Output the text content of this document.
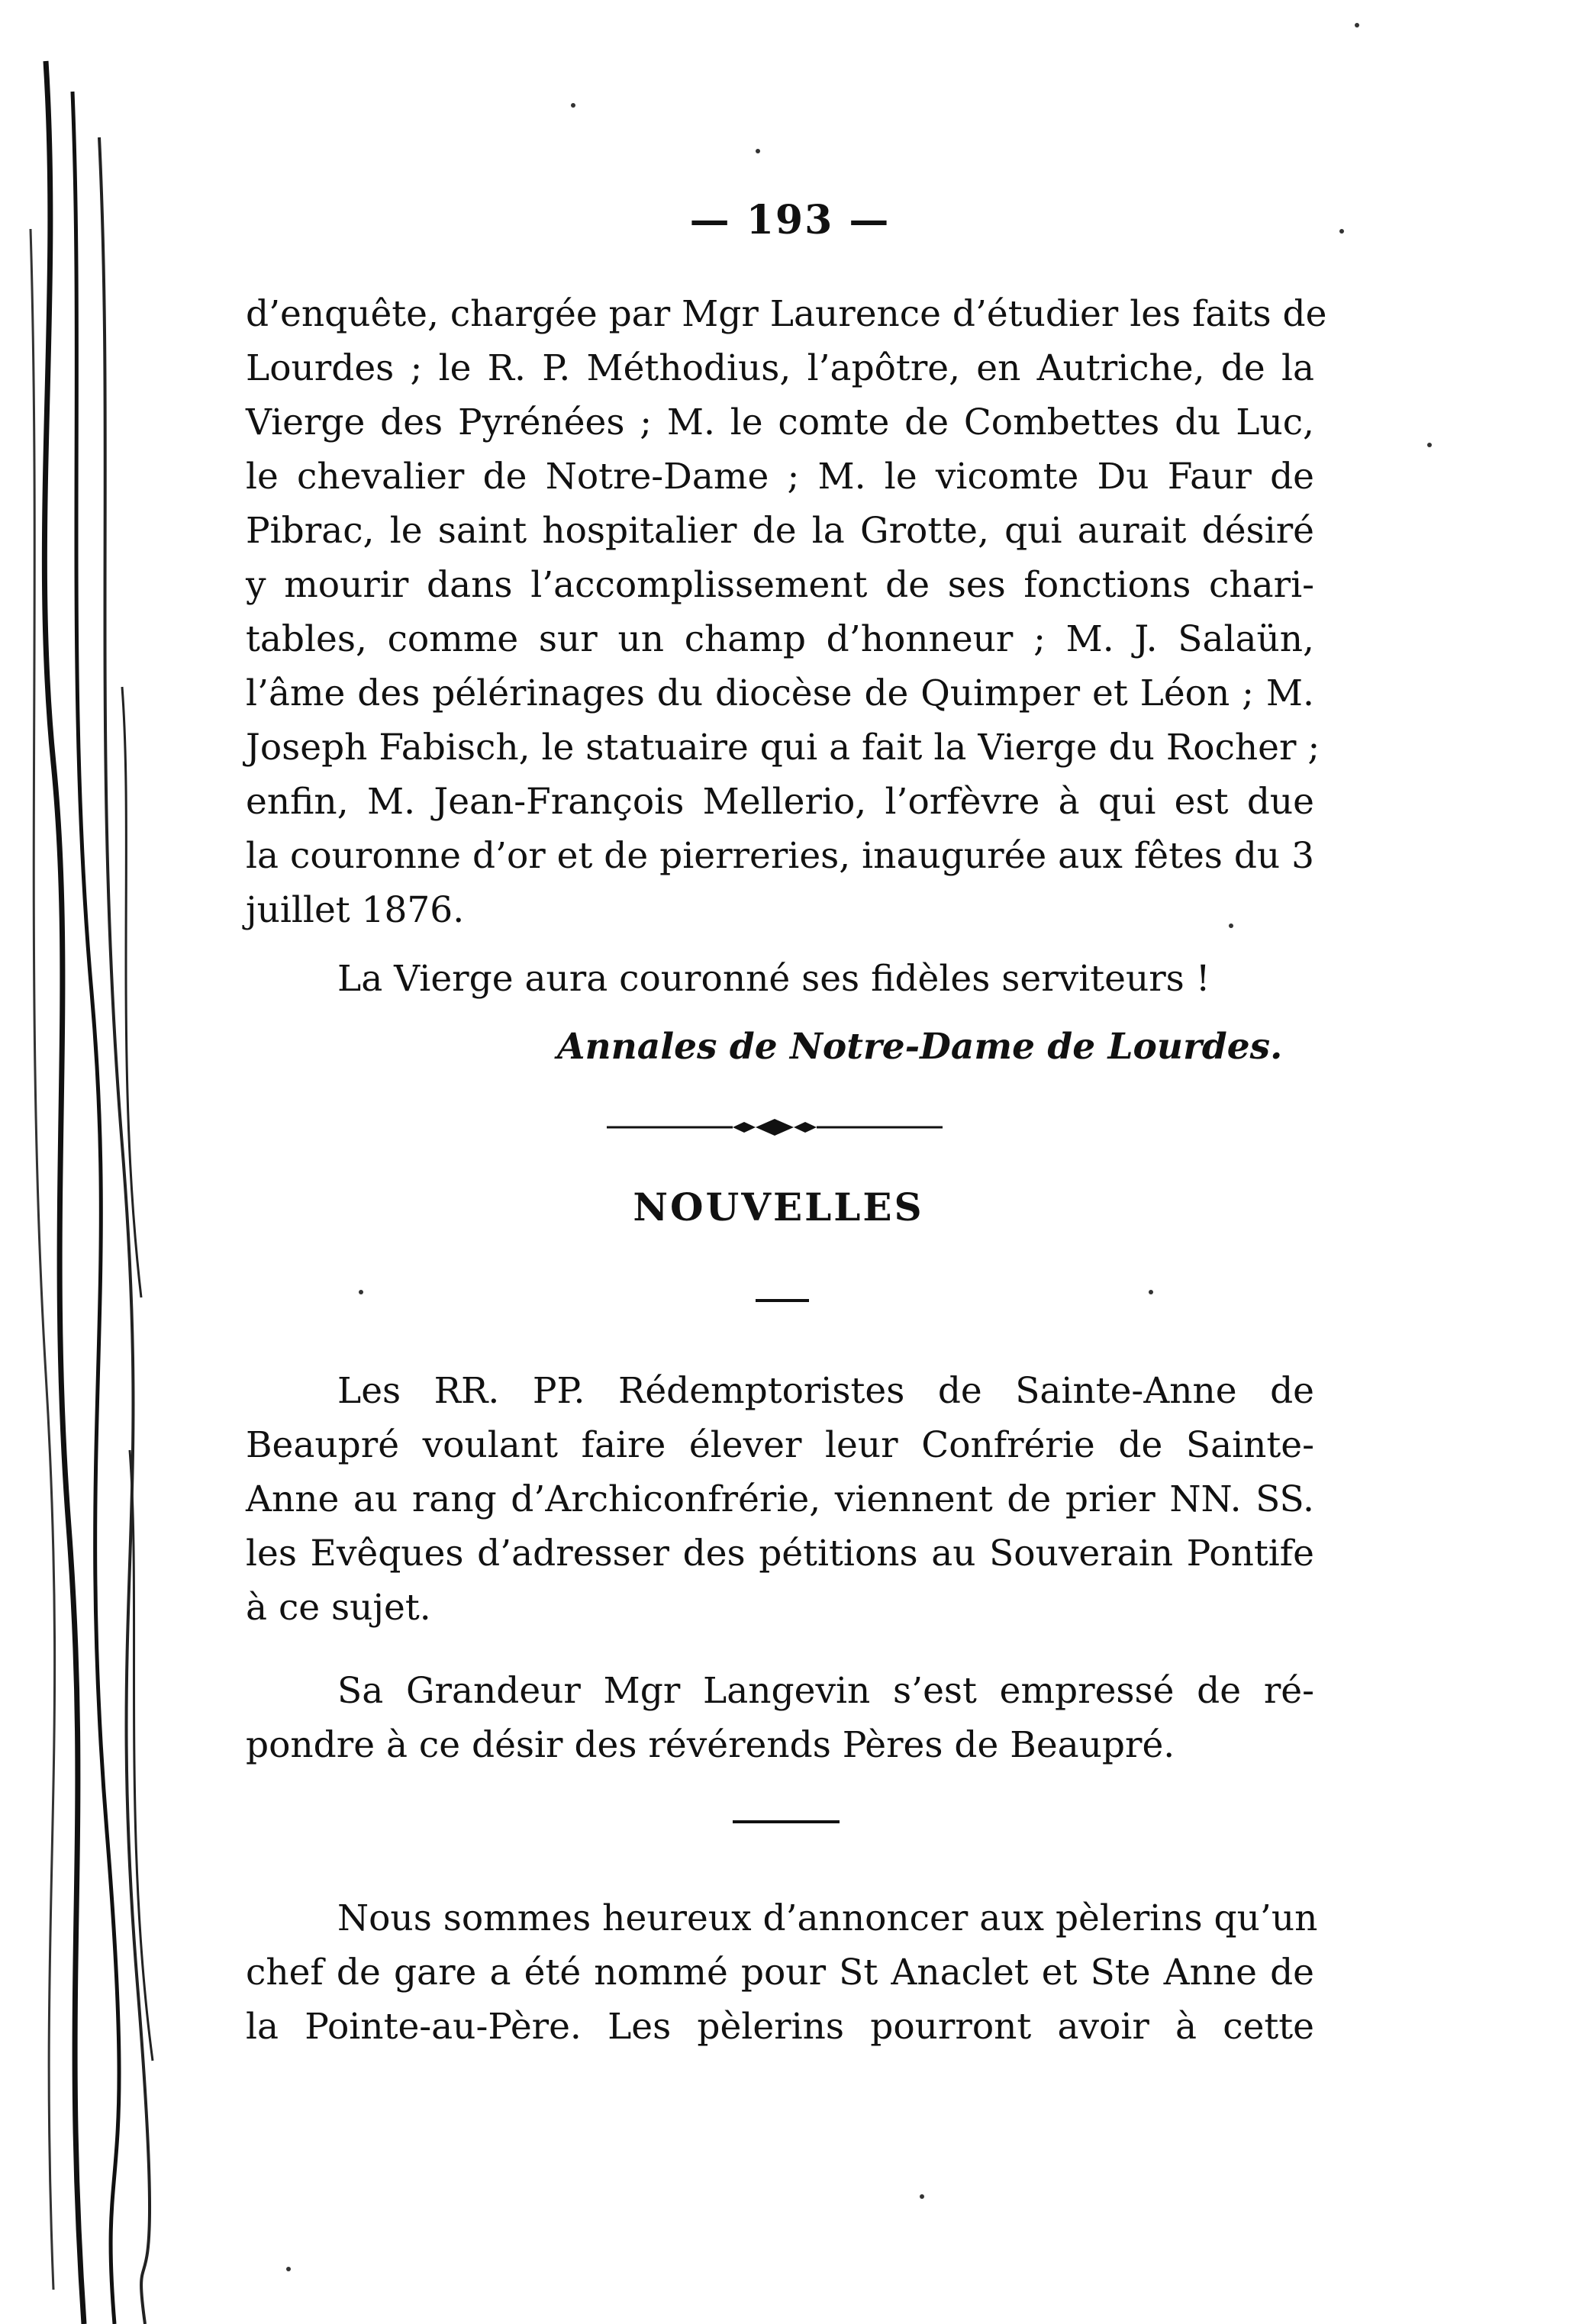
— 193 —
d’enquête, chargée par Mgr Laurence d’étudier les faits de
Lourdes ; le R. P. Méthodius, l’apôtre, en Autriche, de la
Vierge des Pyrénées ; M. le comte de Combettes du Luc,
le chevalier de Notre-Dame ; M. le vicomte Du Faur de
Pibrac, le saint hospitalier de la Grotte, qui aurait désiré
y mourir dans l’accomplissement de ses fonctions chari-
tables, comme sur un champ d’honneur ; M. J. Salaün,
l’âme des pélérinages du diocèse de Quimper et Léon ; M.
Joseph Fabisch, le statuaire qui a fait la Vierge du Rocher ;
enfin, M. Jean-François Mellerio, l’orfèvre à qui est due
la couronne d’or et de pierreries, inaugurée aux fêtes du 3
juillet 1876.
La Vierge aura couronné ses fidèles serviteurs !
Annales de Notre-Dame de Lourdes.
NOUVELLES
Les RR. PP. Rédemptoristes de Sainte-Anne de
Beaupré voulant faire élever leur Confrérie de Sainte-
Anne au rang d’Archiconfrérie, viennent de prier NN. SS.
les Evêques d’adresser des pétitions au Souverain Pontife
à ce sujet.
Sa Grandeur Mgr Langevin s’est empressé de ré-
pondre à ce désir des révérends Pères de Beaupré.
Nous sommes heureux d’annoncer aux pèlerins qu’un
chef de gare a été nommé pour St Anaclet et Ste Anne de
la Pointe-au-Père. Les pèlerins pourront avoir à cette
